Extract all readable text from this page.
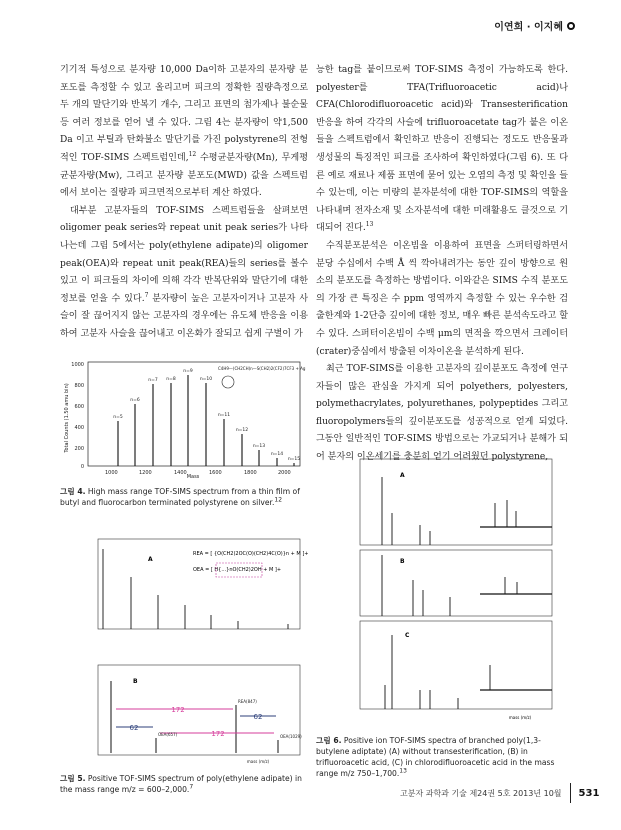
이연희 · 이지혜

기기적 특성으로 분자량 10,000 Da이하 고분자의 분자량 분포도를 측정할 수 있고 올리고머 피크의 정확한 질량측정으로 두 개의 말단기와 반복기 개수, 그리고 표면의 첨가제나 불순물등 여러 정보를 얻어 낼 수 있다. 그림 4는 분자량이 약1,500 Da 이고 부틸과 탄화불소 말단기를 가진 polystyrene의 전형적인 TOF-SIMS 스펙트럼인데,$^{12}$ 수평균분자량(Mn), 무게평균분자량(Mw), 그리고 분자량 분포도(MWD) 값을 스펙트럼에서 보이는 질량과 피크면적으로부터 계산 하였다.

대부분 고분자들의 TOF-SIMS 스펙트럼들을 살펴보면 oligomer peak series와 repeat unit peak series가 나타나는데 그림 5에서는 poly(ethylene adipate)의 oligomer peak(OEA)와 repeat unit peak(REA)들의 series를 볼수 있고 이 피크들의 차이에 의해 각각 반복단위와 말단기에 대한 정보를 얻을 수 있다.$^7$ 분자량이 높은 고분자이거나 고분자 사슬이 잘 끊어지지 않는 고분자의 경우에는 유도체 반응을 이용하여 고분자 사슬을 끊어내고 이온화가 잘되고 쉽게 구별이 가

능한 tag를 붙이므로써 TOF-SIMS 측정이 가능하도록 한다. polyester를 TFA(Trifluoroacetic acid)나 CFA(Chlorodifluoroacetic acid)와 Transesterification 반응을 하여 각각의 사슬에 trifluoroacetate tag가 붙은 이온들을 스펙트럼에서 확인하고 반응이 진행되는 정도도 반응물과 생성물의 특징적인 피크를 조사하여 확인하였다(그림 6). 또 다른 예로 재료나 제품 표면에 묻어 있는 오염의 측정 및 확인을 들수 있는데, 이는 미량의 분자분석에 대한 TOF-SIMS의 역할을 나타내며 전자소재 및 소자분석에 대한 미래활용도 클것으로 기대되어 진다.$^{13}$

수직분포분석은 이온빔을 이용하여 표면을 스퍼터링하면서 분당 수십에서 수백 Å 씩 깍아내려가는 동안 깊이 방향으로 원소의 분포도를 측정하는 방법이다. 이와같은 SIMS 수직 분포도의 가장 큰 특징은 수 ppm 영역까지 측정할 수 있는 우수한 검출한계와 1-2단층 깊이에 대한 정보, 매우 빠른 분석속도라고 할 수 있다. 스퍼터이온빔이 수백 μm의 면적을 깍으면서 크레이터 (crater)중심에서 방출된 이차이온을 분석하게 된다.

최근 TOF-SIMS를 이용한 고분자의 깊이분포도 측정에 연구자들이 많은 관심을 가지게 되어 polyethers, polyesters, polymethacrylates, polyurethanes, polypeptides 그리고 fluoropolymers들의 깊이분포도를 성공적으로 얻게 되었다. 그동안 일반적인 TOF-SIMS 방법으로는 가교되거나 분해가 되어 분자의 이온세기를 충분히 얻기 어려웠던 polystyrene,

1000
800
600
400
200
0
1000	1200	1400	1600	1800	2000
Mass
Total Counts (1.50 amu bin)
C4H9—(CH2CH)n—S(CH2)2(CF2)7CF3 + Ag
n=5
n=6
n=7 n=8
n=9
n=10
n=11
n=12
n=13
n=14
n=15
그림 4. High mass range TOF-SIMS spectrum from a thin film of butyl and fluorocarbon terminated polystyrene on silver.$^{12}$
A
REA = [ {O(CH2)2OC(O)(CH2)4C(O)}n + M ]+
OEA = [ H{...}nO(CH2)2OH + M ]+
B
172
172
62
62
REA(847)
OEA(657)	OEA(1029)
mass (m/z)
그림 5. Positive TOF-SIMS spectrum of poly(ethylene adipate) in the mass range m/z = 600–2,000.$^7$
A
B
C
mass (m/z)
그림 6. Positive ion TOF-SIMS spectra of branched poly(1,3-butylene adiptate) (A) without transesterification, (B) in trifluoroacetic acid, (C) in chlorodifluoroacetic acid in the mass range m/z 750–1,700.13
고분자 과학과 기술 제24권 5호 2013년 10월 531
